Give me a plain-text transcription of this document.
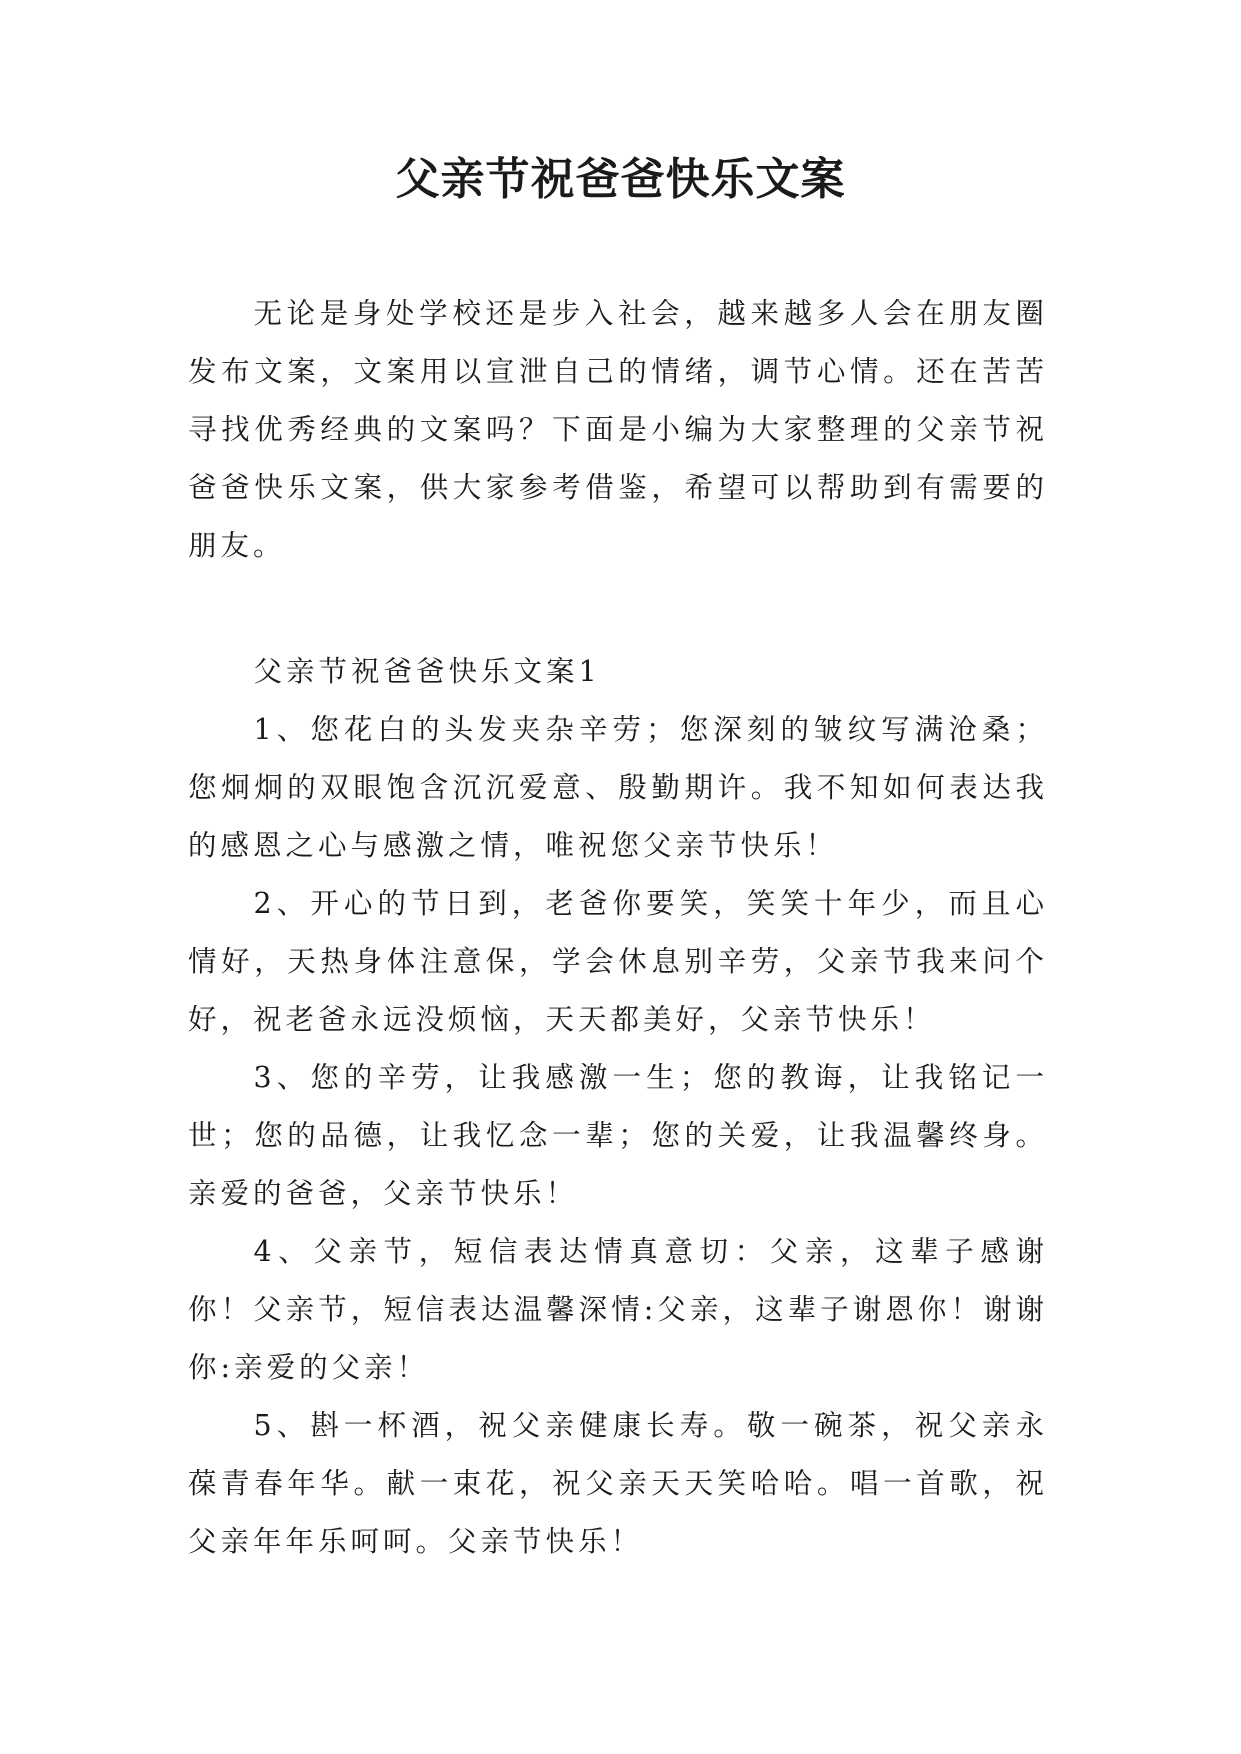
父亲节祝爸爸快乐文案

无论是身处学校还是步入社会，越来越多人会在朋友圈发布文案，文案用以宣泄自己的情绪，调节心情。还在苦苦寻找优秀经典的文案吗？下面是小编为大家整理的父亲节祝爸爸快乐文案，供大家参考借鉴，希望可以帮助到有需要的朋友。

父亲节祝爸爸快乐文案1

1、您花白的头发夹杂辛劳；您深刻的皱纹写满沧桑；您炯炯的双眼饱含沉沉爱意、殷勤期许。我不知如何表达我的感恩之心与感激之情，唯祝您父亲节快乐！

2、开心的节日到，老爸你要笑，笑笑十年少，而且心情好，天热身体注意保，学会休息别辛劳，父亲节我来问个好，祝老爸永远没烦恼，天天都美好，父亲节快乐！

3、您的辛劳，让我感激一生；您的教诲，让我铭记一世；您的品德，让我忆念一辈；您的关爱，让我温馨终身。亲爱的爸爸，父亲节快乐！

4、父亲节，短信表达情真意切：父亲，这辈子感谢你！父亲节，短信表达温馨深情:父亲，这辈子谢恩你！谢谢你:亲爱的父亲！

5、斟一杯酒，祝父亲健康长寿。敬一碗茶，祝父亲永葆青春年华。献一束花，祝父亲天天笑哈哈。唱一首歌，祝父亲年年乐呵呵。父亲节快乐！
